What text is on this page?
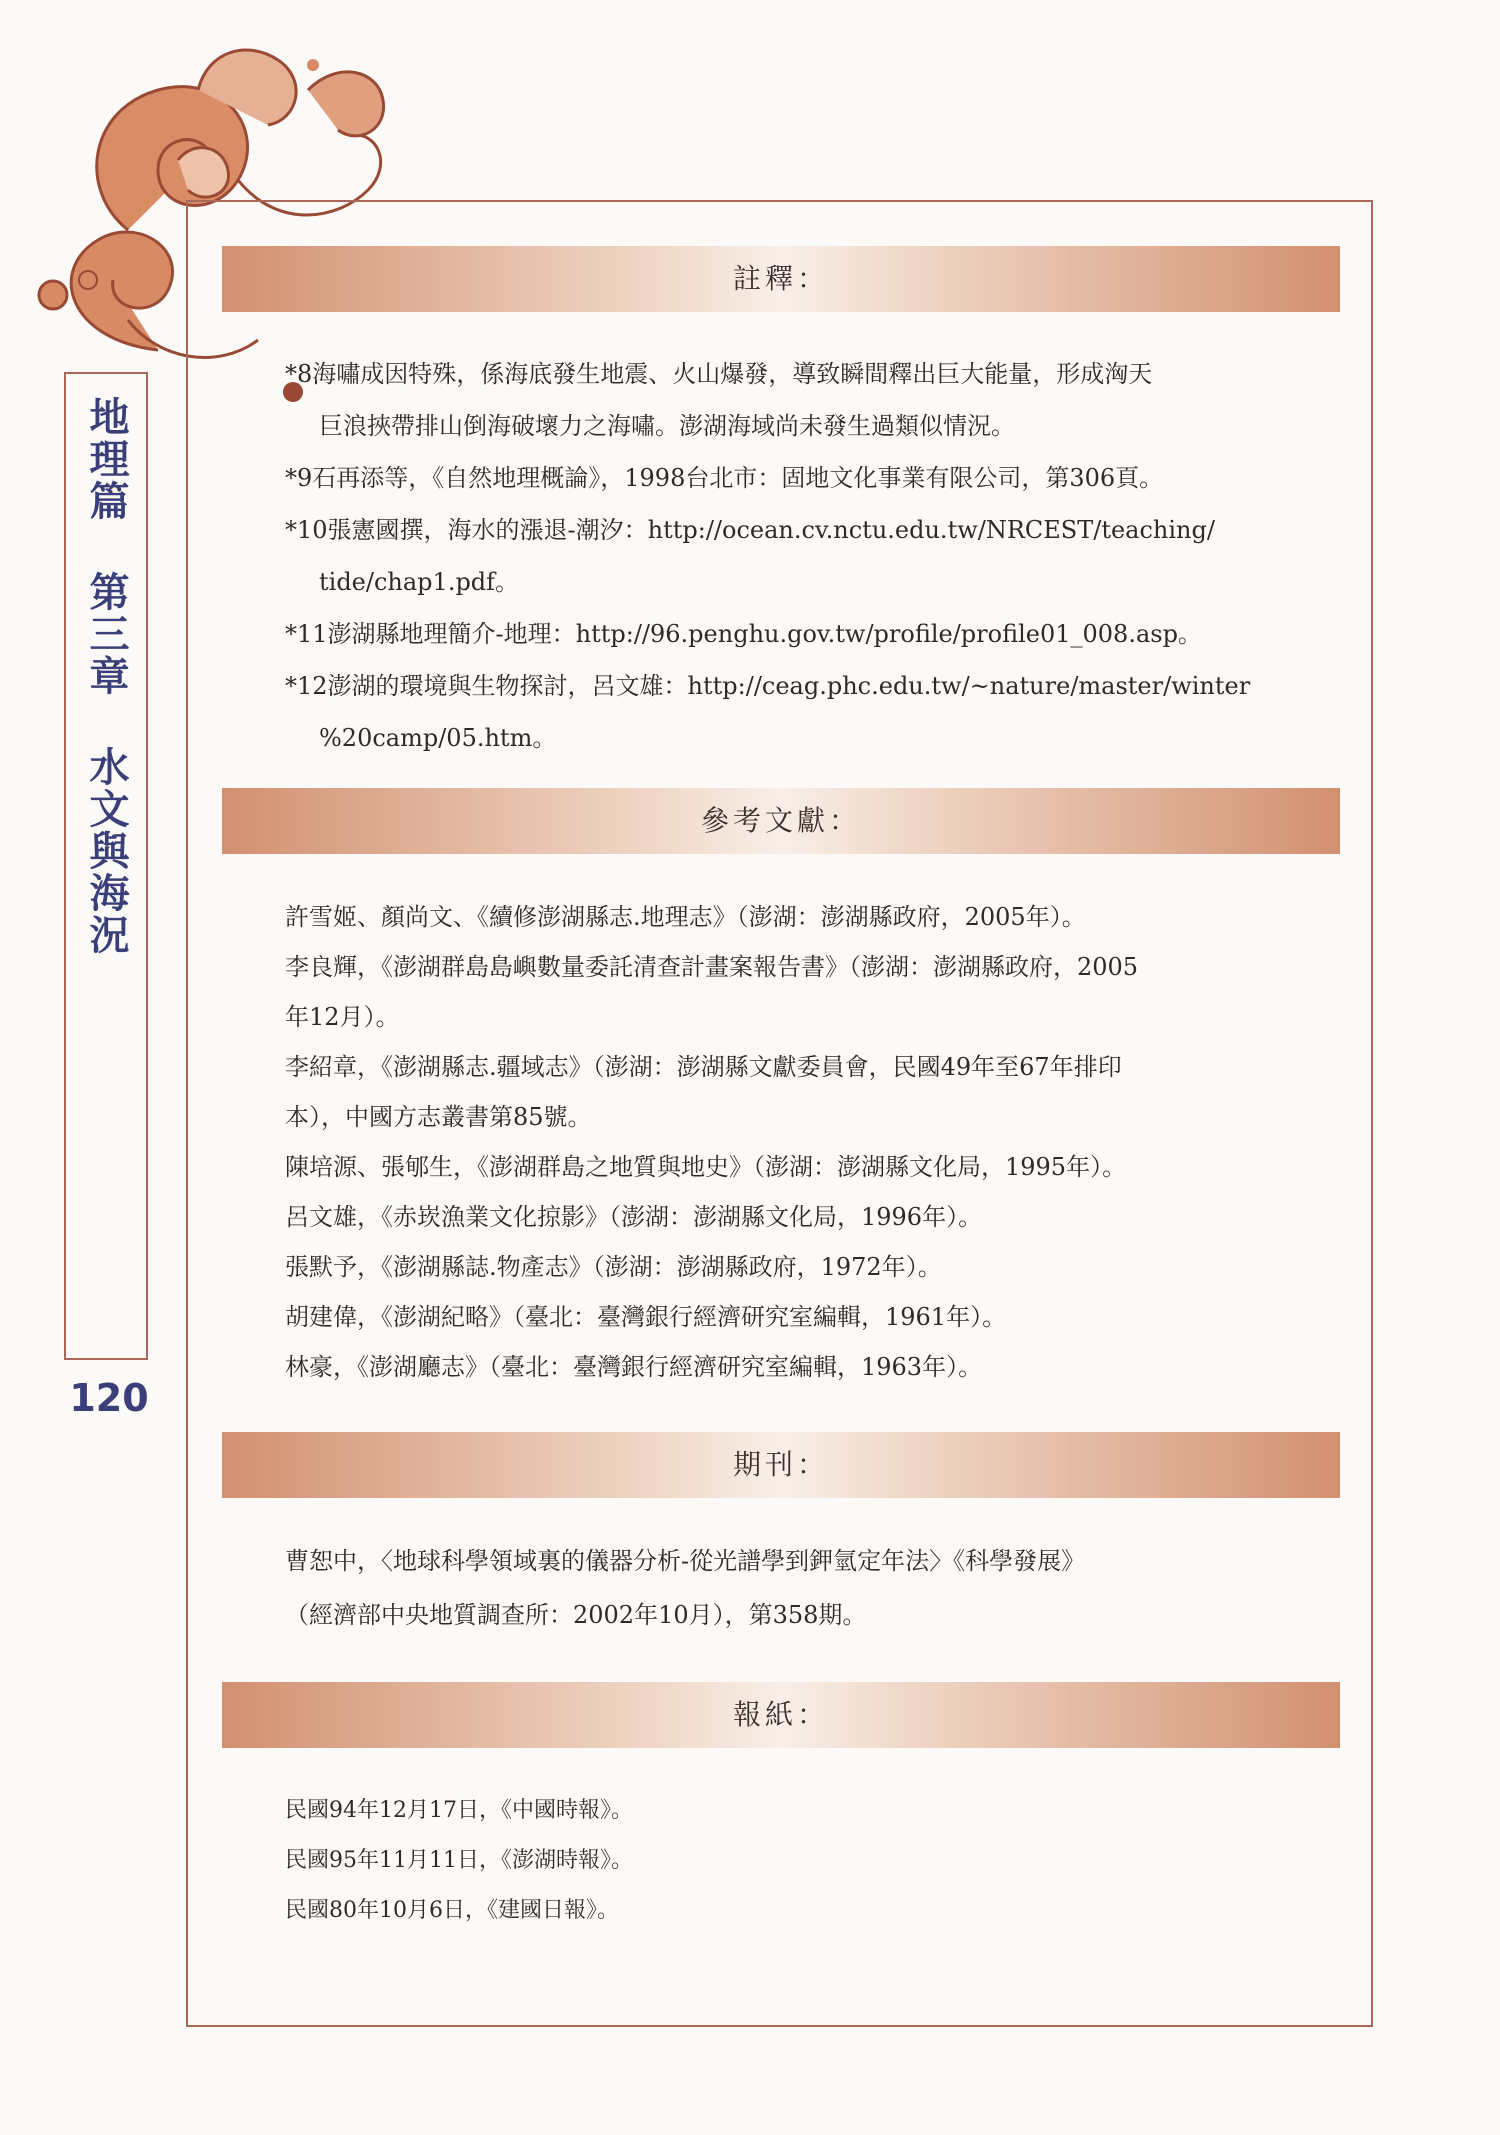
地理篇 第三章 水文與海況
120
註釋：
*8海嘯成因特殊，係海底發生地震、火山爆發，導致瞬間釋出巨大能量，形成洶天
巨浪挾帶排山倒海破壞力之海嘯。澎湖海域尚未發生過類似情況。
*9石再添等，《自然地理概論》，1998台北市：固地文化事業有限公司，第306頁。
*10張憲國撰，海水的漲退-潮汐：http://ocean.cv.nctu.edu.tw/NRCEST/teaching/
tide/chap1.pdf。
*11澎湖縣地理簡介-地理：http://96.penghu.gov.tw/profile/profile01_008.asp。
*12澎湖的環境與生物探討，呂文雄：http://ceag.phc.edu.tw/~nature/master/winter
%20camp/05.htm。
參考文獻：
許雪姬、顏尚文、《續修澎湖縣志.地理志》（澎湖：澎湖縣政府，2005年）。
李良輝，《澎湖群島島嶼數量委託清查計畫案報告書》（澎湖：澎湖縣政府，2005
年12月）。
李紹章，《澎湖縣志.疆域志》（澎湖：澎湖縣文獻委員會，民國49年至67年排印
本），中國方志叢書第85號。
陳培源、張郇生，《澎湖群島之地質與地史》（澎湖：澎湖縣文化局，1995年）。
呂文雄，《赤崁漁業文化掠影》（澎湖：澎湖縣文化局，1996年）。
張默予，《澎湖縣誌.物產志》（澎湖：澎湖縣政府，1972年）。
胡建偉，《澎湖紀略》（臺北：臺灣銀行經濟研究室編輯，1961年）。
林豪，《澎湖廳志》（臺北：臺灣銀行經濟研究室編輯，1963年）。
期刊：
曹恕中，〈地球科學領域裏的儀器分析-從光譜學到鉀氫定年法〉《科學發展》
（經濟部中央地質調查所：2002年10月），第358期。
報紙：
民國94年12月17日，《中國時報》。
民國95年11月11日，《澎湖時報》。
民國80年10月6日，《建國日報》。
